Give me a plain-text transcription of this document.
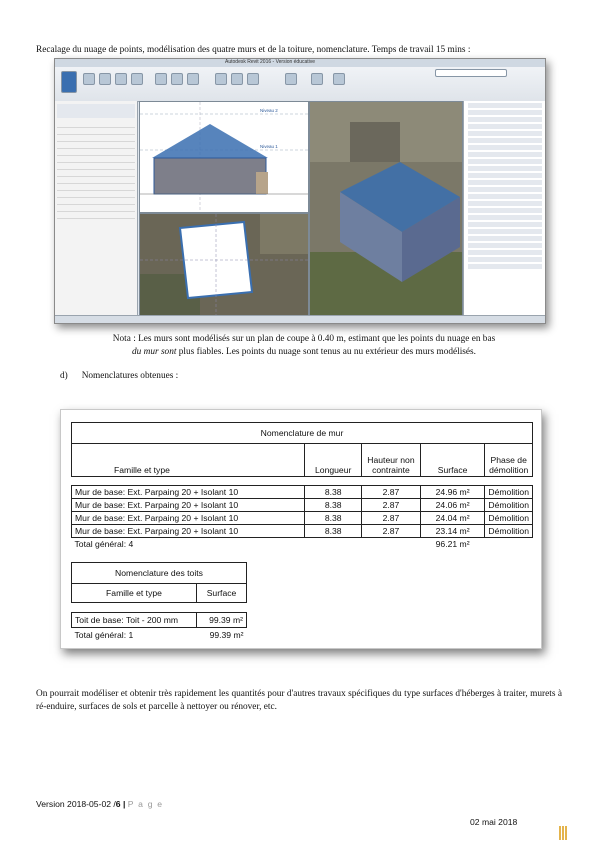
Recalage du nuage de points, modélisation des quatre murs et de la toiture, nomenclature. Temps de travail 15 mins :
Autodesk Revit 2016 - Version éducative
Niveau 2
Niveau 1
Nota : Les murs sont modélisés sur un plan de coupe à 0.40 m, estimant que les points du nuage en bas
du mur sont plus fiables. Les points du nuage sont tenus au nu extérieur des murs modélisés.
d)      Nomenclatures obtenues :
Nomenclature de mur				
Famille et type	Longueur	Hauteur non contrainte	Surface	Phase de démolition

Mur de base: Ext. Parpaing 20 + Isolant 10	8.38	2.87	24.96 m²	Démolition
Mur de base: Ext. Parpaing 20 + Isolant 10	8.38	2.87	24.06 m²	Démolition
Mur de base: Ext. Parpaing 20 + Isolant 10	8.38	2.87	24.04 m²	Démolition
Mur de base: Ext. Parpaing 20 + Isolant 10	8.38	2.87	23.14 m²	Démolition
Total général: 4			96.21 m²	
Nomenclature des toits	
Famille et type	Surface

Toit de base: Toit - 200 mm	99.39 m²
Total général: 1	99.39 m²
On pourrait modéliser et obtenir très rapidement les quantités pour d'autres travaux spécifiques du type surfaces d'héberges à traiter, murets à ré-enduire, surfaces de sols et parcelle à nettoyer ou rénover, etc.
Version 2018-05-02 /6 | P a g e
02 mai 2018
